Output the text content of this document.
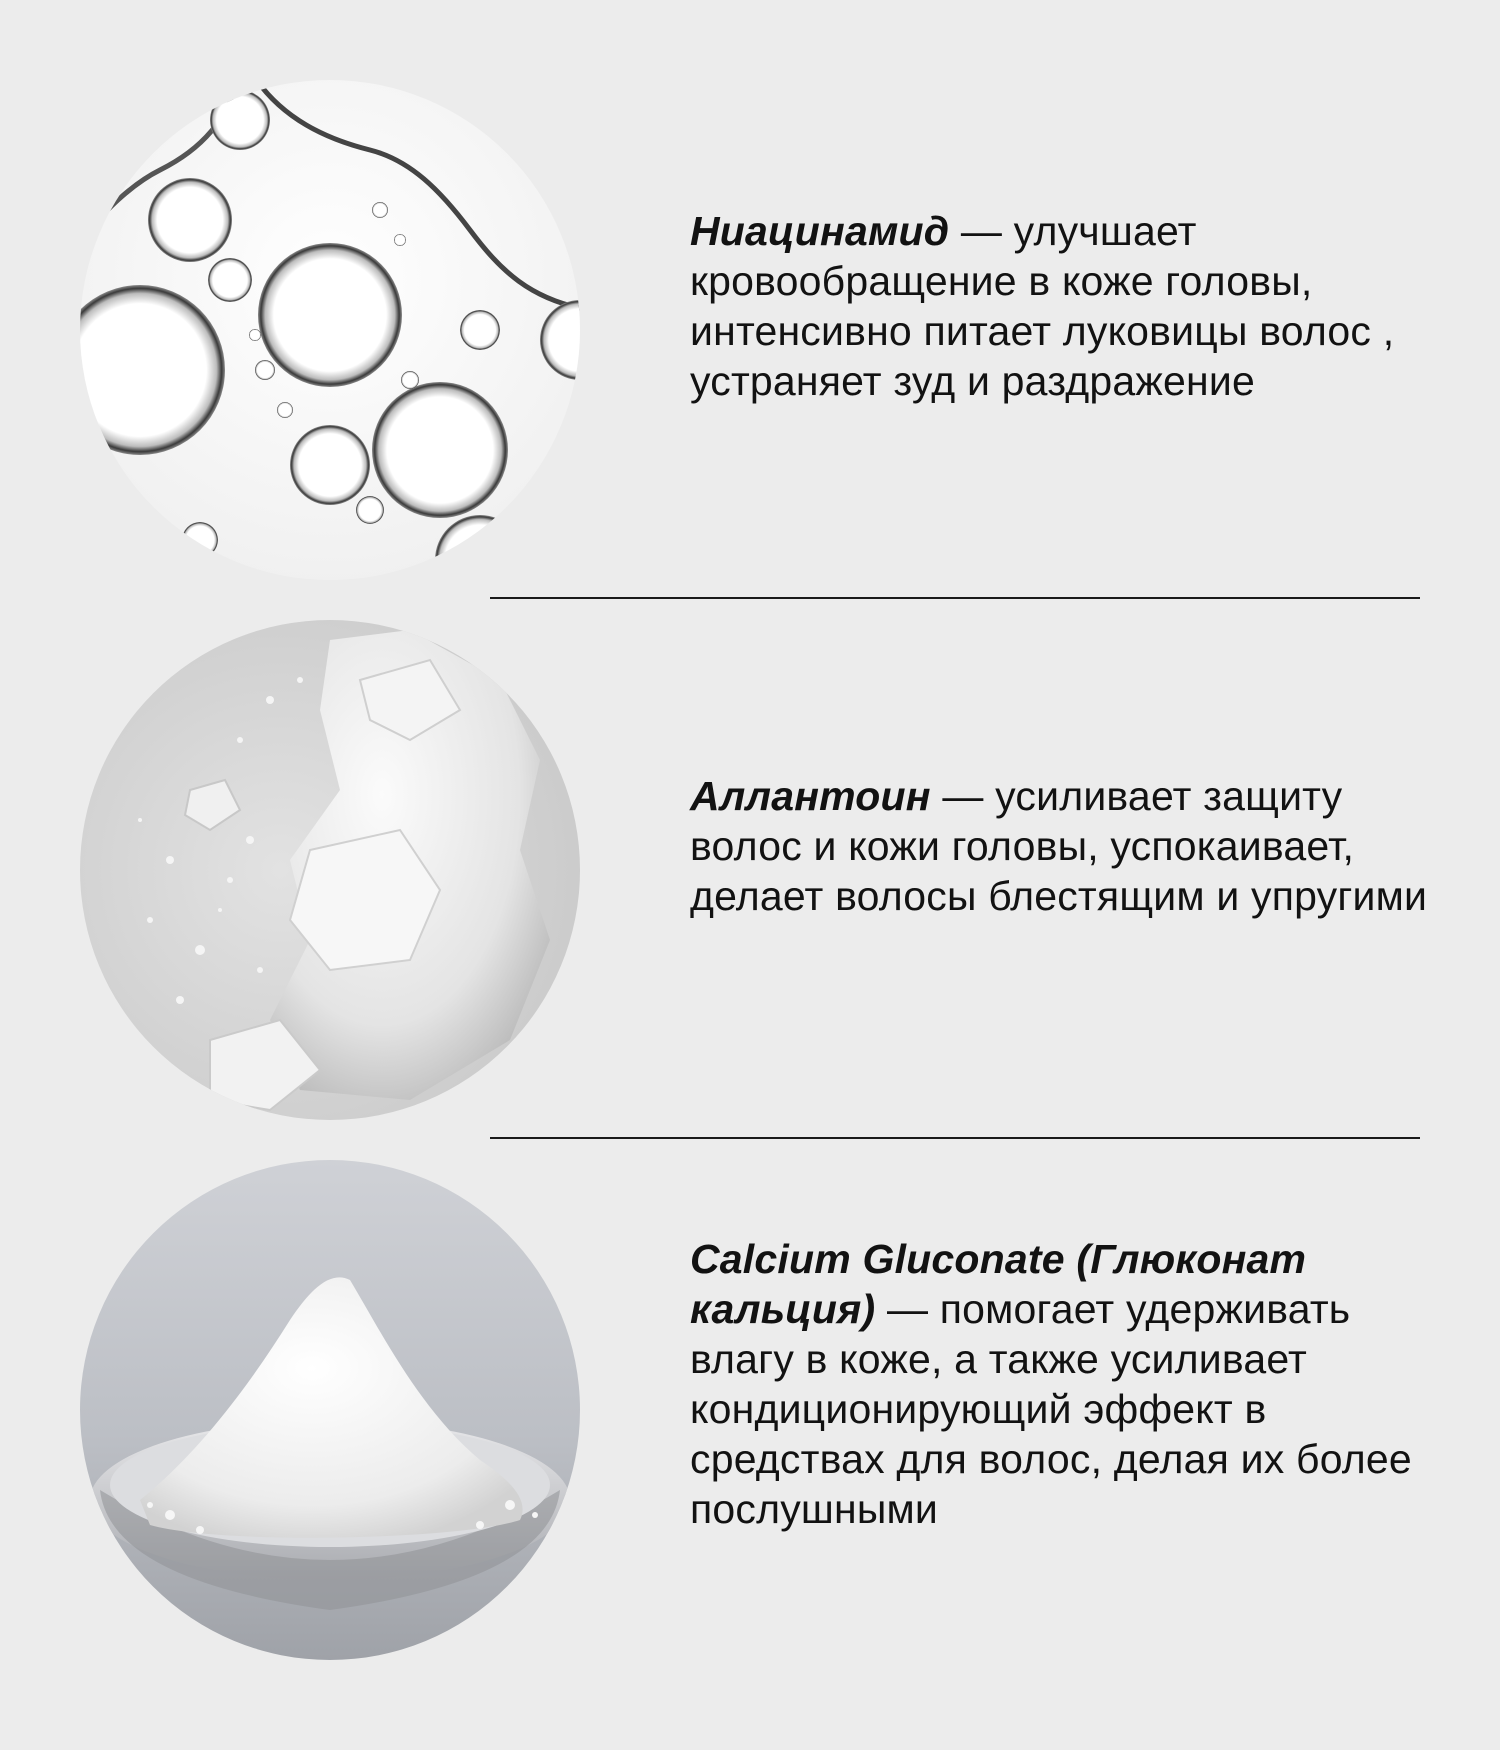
Ниацинамид — улучшает кровообращение в коже головы, интенсивно питает луковицы волос , устраняет зуд и раздражение
Аллантоин — усиливает защиту волос и кожи головы, успокаивает, делает волосы блестящим и упругими
Calcium Gluconate (Глюконат кальция) — помогает удерживать влагу в коже, а также усиливает кондиционирующий эффект в средствах для волос, делая их более послушными
